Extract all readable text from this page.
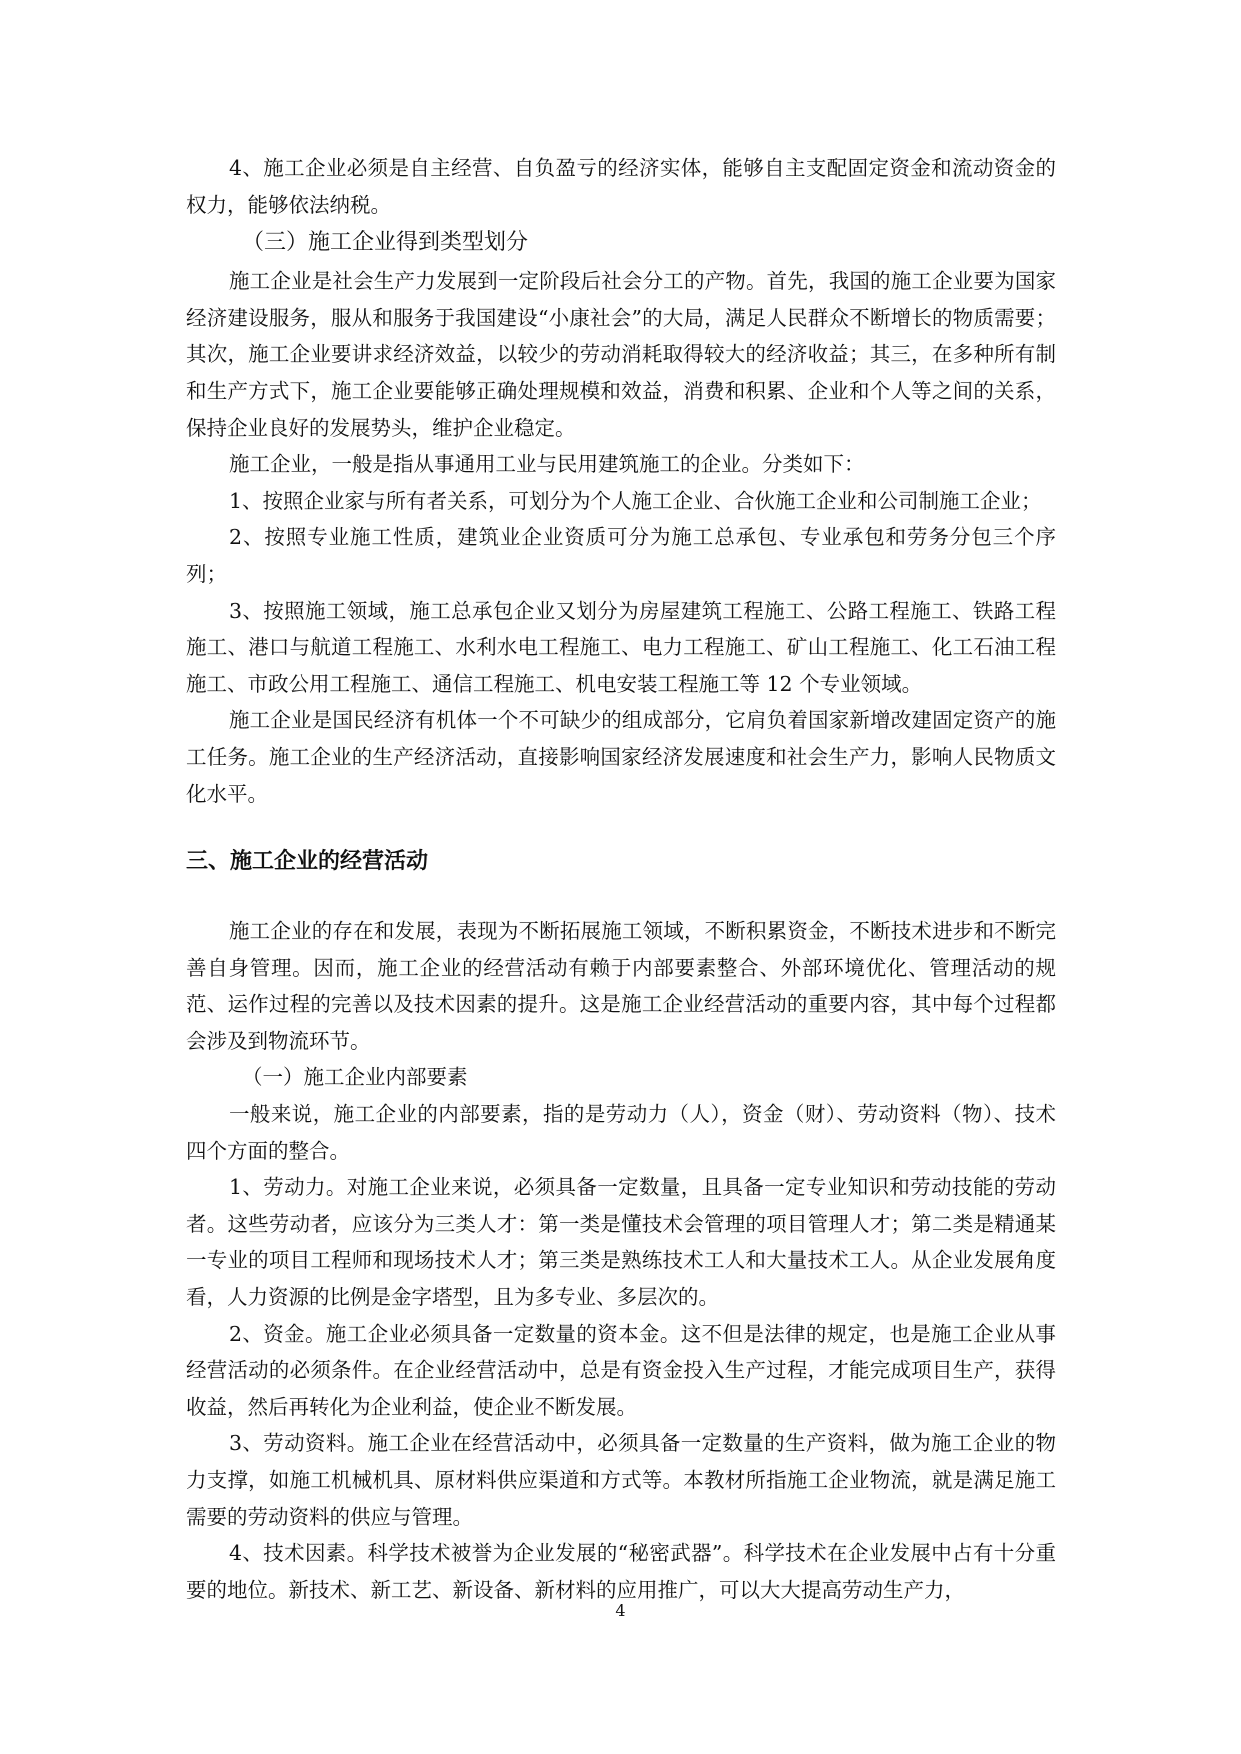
4、施工企业必须是自主经营、自负盈亏的经济实体，能够自主支配固定资金和流动资金的权力，能够依法纳税。

（三）施工企业得到类型划分

施工企业是社会生产力发展到一定阶段后社会分工的产物。首先，我国的施工企业要为国家经济建设服务，服从和服务于我国建设“小康社会”的大局，满足人民群众不断增长的物质需要；其次，施工企业要讲求经济效益，以较少的劳动消耗取得较大的经济收益；其三，在多种所有制和生产方式下，施工企业要能够正确处理规模和效益，消费和积累、企业和个人等之间的关系，保持企业良好的发展势头，维护企业稳定。

施工企业，一般是指从事通用工业与民用建筑施工的企业。分类如下：

1、按照企业家与所有者关系，可划分为个人施工企业、合伙施工企业和公司制施工企业；

2、按照专业施工性质，建筑业企业资质可分为施工总承包、专业承包和劳务分包三个序列；

3、按照施工领域，施工总承包企业又划分为房屋建筑工程施工、公路工程施工、铁路工程施工、港口与航道工程施工、水利水电工程施工、电力工程施工、矿山工程施工、化工石油工程施工、市政公用工程施工、通信工程施工、机电安装工程施工等 12 个专业领域。

施工企业是国民经济有机体一个不可缺少的组成部分，它肩负着国家新增改建固定资产的施工任务。施工企业的生产经济活动，直接影响国家经济发展速度和社会生产力，影响人民物质文化水平。

三、施工企业的经营活动

施工企业的存在和发展，表现为不断拓展施工领域，不断积累资金，不断技术进步和不断完善自身管理。因而，施工企业的经营活动有赖于内部要素整合、外部环境优化、管理活动的规范、运作过程的完善以及技术因素的提升。这是施工企业经营活动的重要内容，其中每个过程都会涉及到物流环节。

（一）施工企业内部要素

一般来说，施工企业的内部要素，指的是劳动力（人），资金（财）、劳动资料（物）、技术四个方面的整合。

1、劳动力。对施工企业来说，必须具备一定数量，且具备一定专业知识和劳动技能的劳动者。这些劳动者，应该分为三类人才：第一类是懂技术会管理的项目管理人才；第二类是精通某一专业的项目工程师和现场技术人才；第三类是熟练技术工人和大量技术工人。从企业发展角度看，人力资源的比例是金字塔型，且为多专业、多层次的。

2、资金。施工企业必须具备一定数量的资本金。这不但是法律的规定，也是施工企业从事经营活动的必须条件。在企业经营活动中，总是有资金投入生产过程，才能完成项目生产，获得收益，然后再转化为企业利益，使企业不断发展。

3、劳动资料。施工企业在经营活动中，必须具备一定数量的生产资料，做为施工企业的物力支撑，如施工机械机具、原材料供应渠道和方式等。本教材所指施工企业物流，就是满足施工需要的劳动资料的供应与管理。

4、技术因素。科学技术被誉为企业发展的“秘密武器”。科学技术在企业发展中占有十分重要的地位。新技术、新工艺、新设备、新材料的应用推广，可以大大提高劳动生产力，

4
